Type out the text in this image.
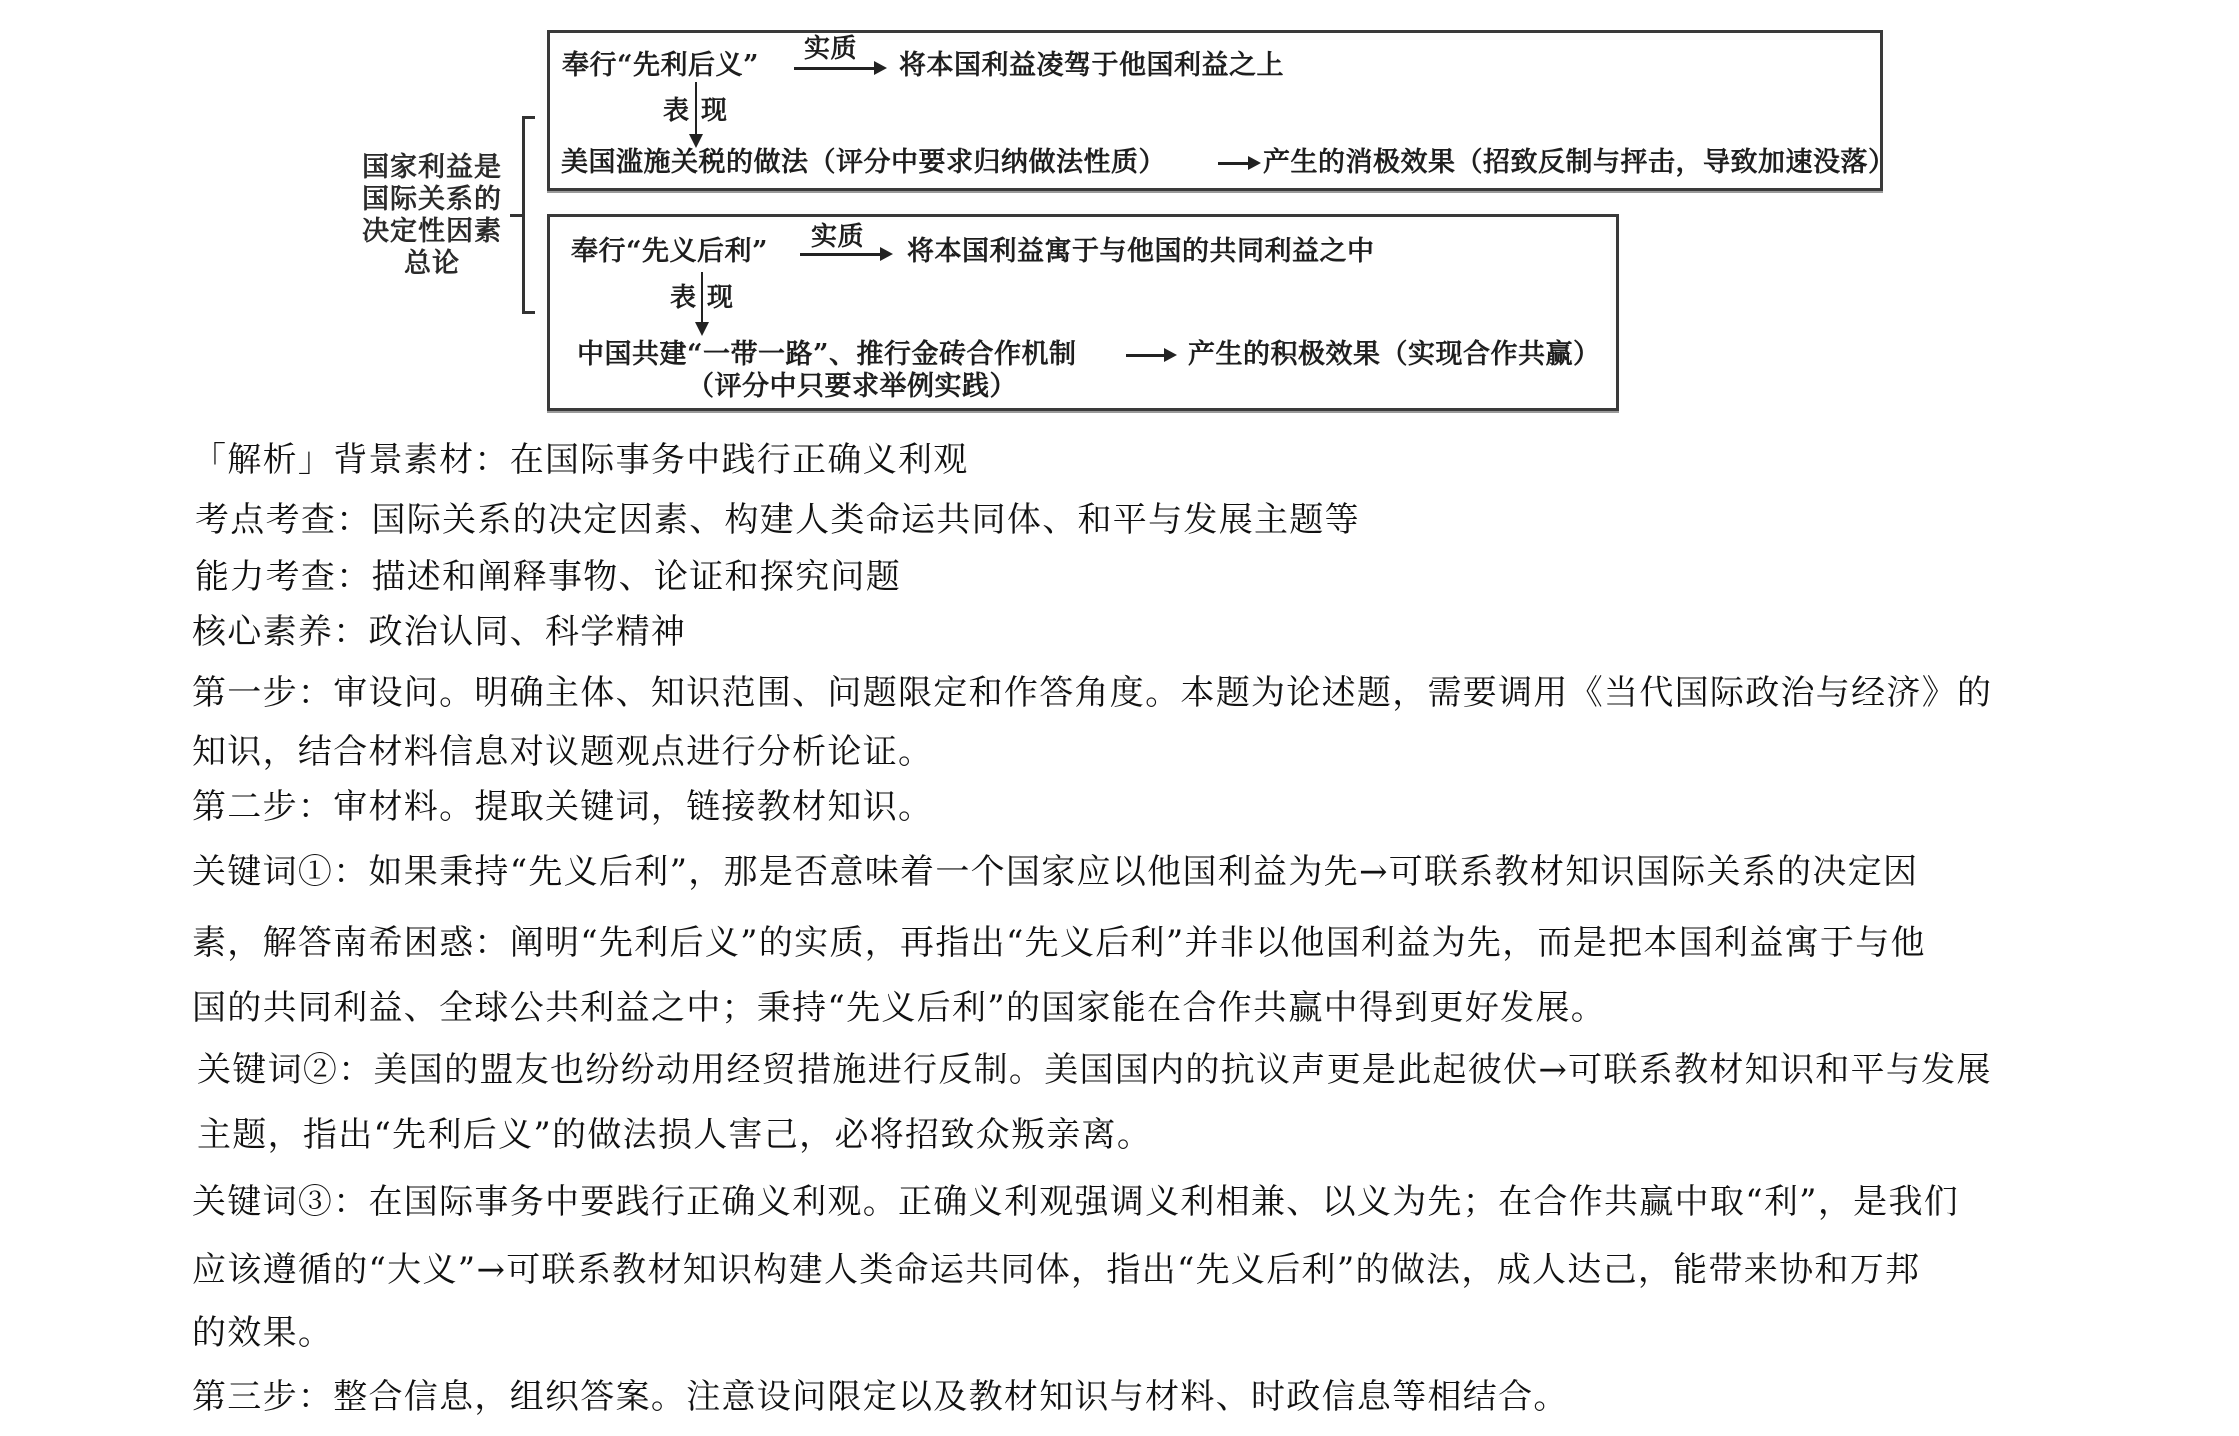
国家利益是
国际关系的
决定性因素
总论
奉行“先利后义”
实质
将本国利益凌驾于他国利益之上
表 现
美国滥施关税的做法（评分中要求归纳做法性质）	产生的消极效果（招致反制与抨击，导致加速没落）
奉行“先义后利” 实质 将本国利益寓于与他国的共同利益之中
表 现
中国共建“一带一路”、推行金砖合作机制	产生的积极效果（实现合作共赢）
（评分中只要求举例实践）
「解析」背景素材：在国际事务中践行正确义利观
考点考查：国际关系的决定因素、构建人类命运共同体、和平与发展主题等
能力考查：描述和阐释事物、论证和探究问题
核心素养：政治认同、科学精神
第一步：审设问。明确主体、知识范围、问题限定和作答角度。本题为论述题，需要调用《当代国际政治与经济》的
知识，结合材料信息对议题观点进行分析论证。
第二步：审材料。提取关键词，链接教材知识。
关键词①：如果秉持“先义后利”，那是否意味着一个国家应以他国利益为先→可联系教材知识国际关系的决定因
素，解答南希困惑：阐明“先利后义”的实质，再指出“先义后利”并非以他国利益为先，而是把本国利益寓于与他
国的共同利益、全球公共利益之中；秉持“先义后利”的国家能在合作共赢中得到更好发展。
关键词②：美国的盟友也纷纷动用经贸措施进行反制。美国国内的抗议声更是此起彼伏→可联系教材知识和平与发展
主题，指出“先利后义”的做法损人害己，必将招致众叛亲离。
关键词③：在国际事务中要践行正确义利观。正确义利观强调义利相兼、以义为先；在合作共赢中取“利”，是我们
应该遵循的“大义”→可联系教材知识构建人类命运共同体，指出“先义后利”的做法，成人达己，能带来协和万邦
的效果。
第三步：整合信息，组织答案。注意设问限定以及教材知识与材料、时政信息等相结合。
